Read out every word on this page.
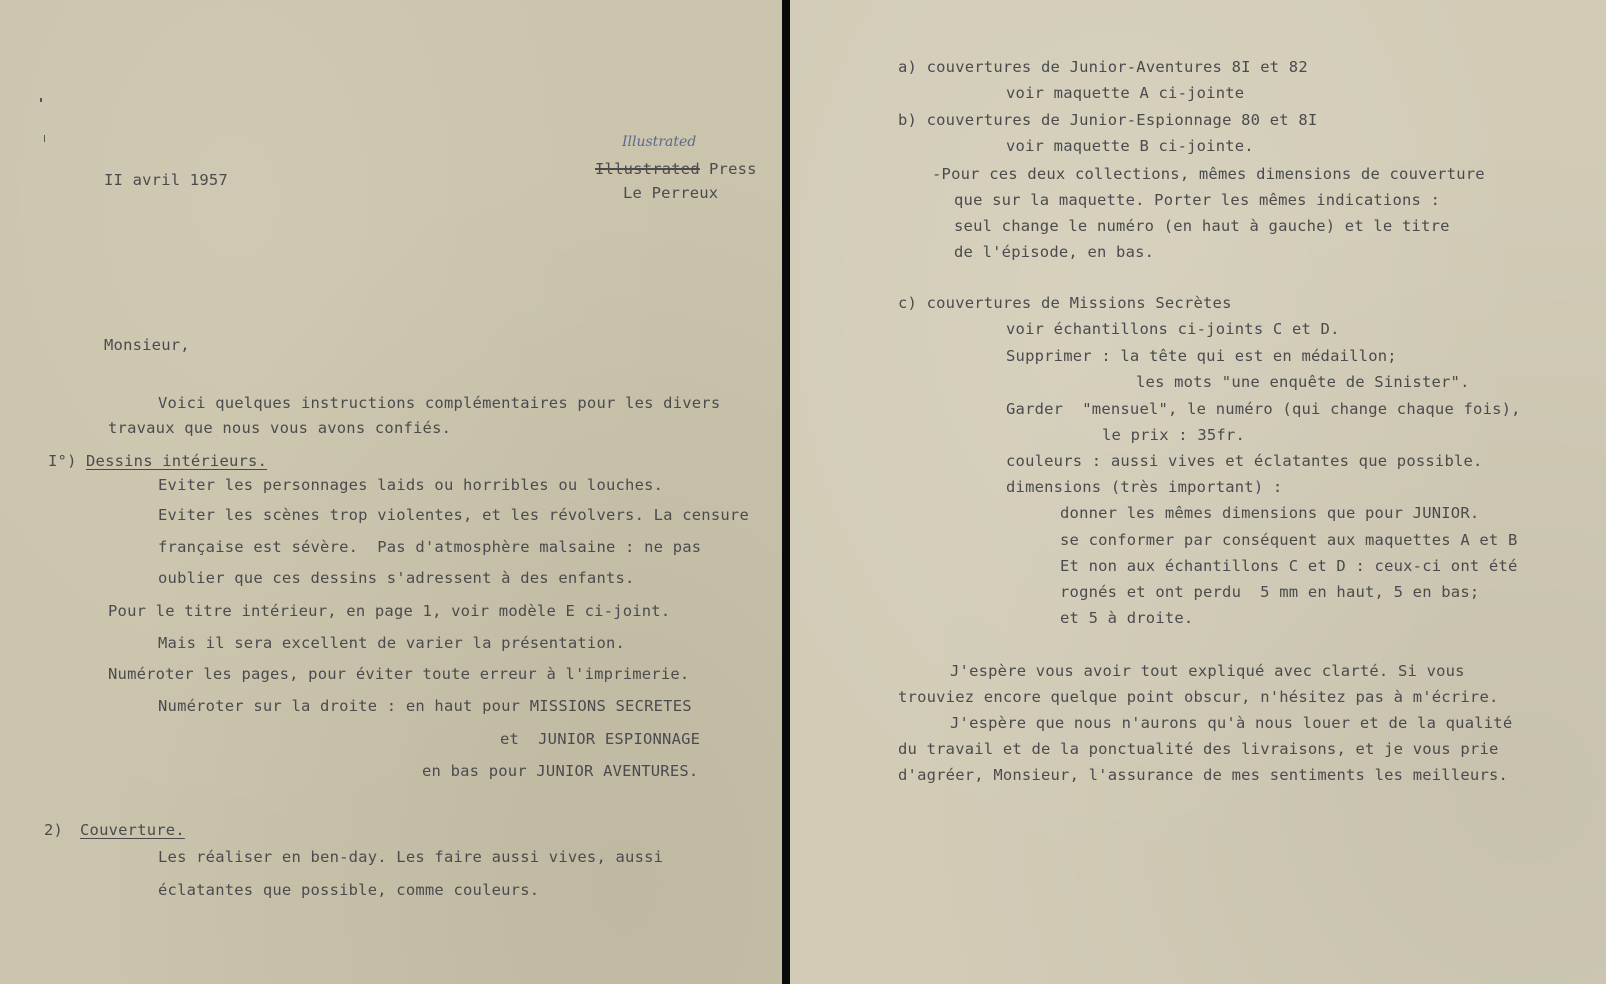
II avril 1957
Illustrated
Illustrated Press
Le Perreux
Monsieur,
Voici quelques instructions complémentaires pour les divers
travaux que nous vous avons confiés.
I°) Dessins intérieurs.
Eviter les personnages laids ou horribles ou louches.
Eviter les scènes trop violentes, et les révolvers. La censure
française est sévère.  Pas d'atmosphère malsaine : ne pas
oublier que ces dessins s'adressent à des enfants.
Pour le titre intérieur, en page 1, voir modèle E ci-joint.
Mais il sera excellent de varier la présentation.
Numéroter les pages, pour éviter toute erreur à l'imprimerie.
Numéroter sur la droite : en haut pour MISSIONS SECRETES
et  JUNIOR ESPIONNAGE
en bas pour JUNIOR AVENTURES.
2) Couverture.
Les réaliser en ben-day. Les faire aussi vives, aussi
éclatantes que possible, comme couleurs.
a) couvertures de Junior-Aventures 8I et 82
voir maquette A ci-jointe
b) couvertures de Junior-Espionnage 80 et 8I
voir maquette B ci-jointe.
-Pour ces deux collections, mêmes dimensions de couverture
que sur la maquette. Porter les mêmes indications :
seul change le numéro (en haut à gauche) et le titre
de l'épisode, en bas.
c) couvertures de Missions Secrètes
voir échantillons ci-joints C et D.
Supprimer : la tête qui est en médaillon;
les mots "une enquête de Sinister".
Garder  "mensuel", le numéro (qui change chaque fois),
le prix : 35fr.
couleurs : aussi vives et éclatantes que possible.
dimensions (très important) :
donner les mêmes dimensions que pour JUNIOR.
se conformer par conséquent aux maquettes A et B
Et non aux échantillons C et D : ceux-ci ont été
rognés et ont perdu  5 mm en haut, 5 en bas;
et 5 à droite.
J'espère vous avoir tout expliqué avec clarté. Si vous
trouviez encore quelque point obscur, n'hésitez pas à m'écrire.
J'espère que nous n'aurons qu'à nous louer et de la qualité
du travail et de la ponctualité des livraisons, et je vous prie
d'agréer, Monsieur, l'assurance de mes sentiments les meilleurs.
